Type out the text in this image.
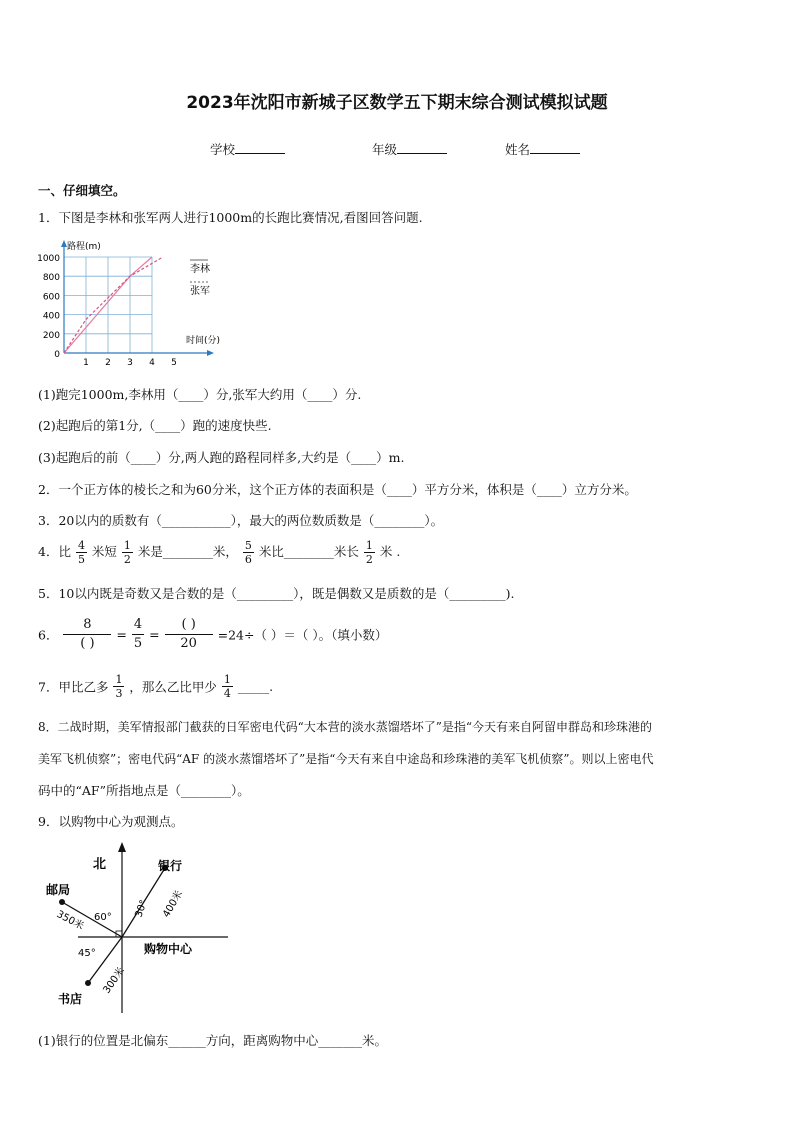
2023年沈阳市新城子区数学五下期末综合测试模拟试题
学校	年级	姓名
一、仔细填空。
1．下图是李林和张军两人进行1000m的长跑比赛情况,看图回答问题.
0
200
400
600
800
1000
1 2 3 4 5
路程(m)
时间(分)
李林
张军
(1)跑完1000m,李林用（____）分,张军大约用（____）分.
(2)起跑后的第1分,（____）跑的速度快些.
(3)起跑后的前（____）分,两人跑的路程同样多,大约是（____）m.
2．一个正方体的棱长之和为60分米，这个正方体的表面积是（____）平方分米，体积是（____）立方分米。
3．20以内的质数有（___________），最大的两位数质数是（________）。
4．比 $\frac{4}{5}$ 米短 $\frac{1}{2}$ 米是________米， $\frac{5}{6}$ 米比________米长 $\frac{1}{2}$ 米 .
5．10以内既是奇数又是合数的是（_________），既是偶数又是质数的是（_________).
6． $\frac{8}{( )} = \frac{4}{5} = \frac{( )}{20} =24\div$（ ）＝（ ）。（填小数）
7．甲比乙多 $\frac{1}{3}$ ，那么乙比甲少 $\frac{1}{4}$ _____.
8．二战时期，美军情报部门截获的日军密电代码“大本营的淡水蒸馏塔坏了”是指“今天有来自阿留申群岛和珍珠港的
美军飞机侦察”；密电代码“AF 的淡水蒸馏塔坏了”是指“今天有来自中途岛和珍珠港的美军飞机侦察”。则以上密电代
码中的“AF”所指地点是（________）。
9．以购物中心为观测点。
北	银行
400米
30°
邮局
350米 60°
书店
300米
45°	购物中心
(1)银行的位置是北偏东______方向，距离购物中心_______米。
